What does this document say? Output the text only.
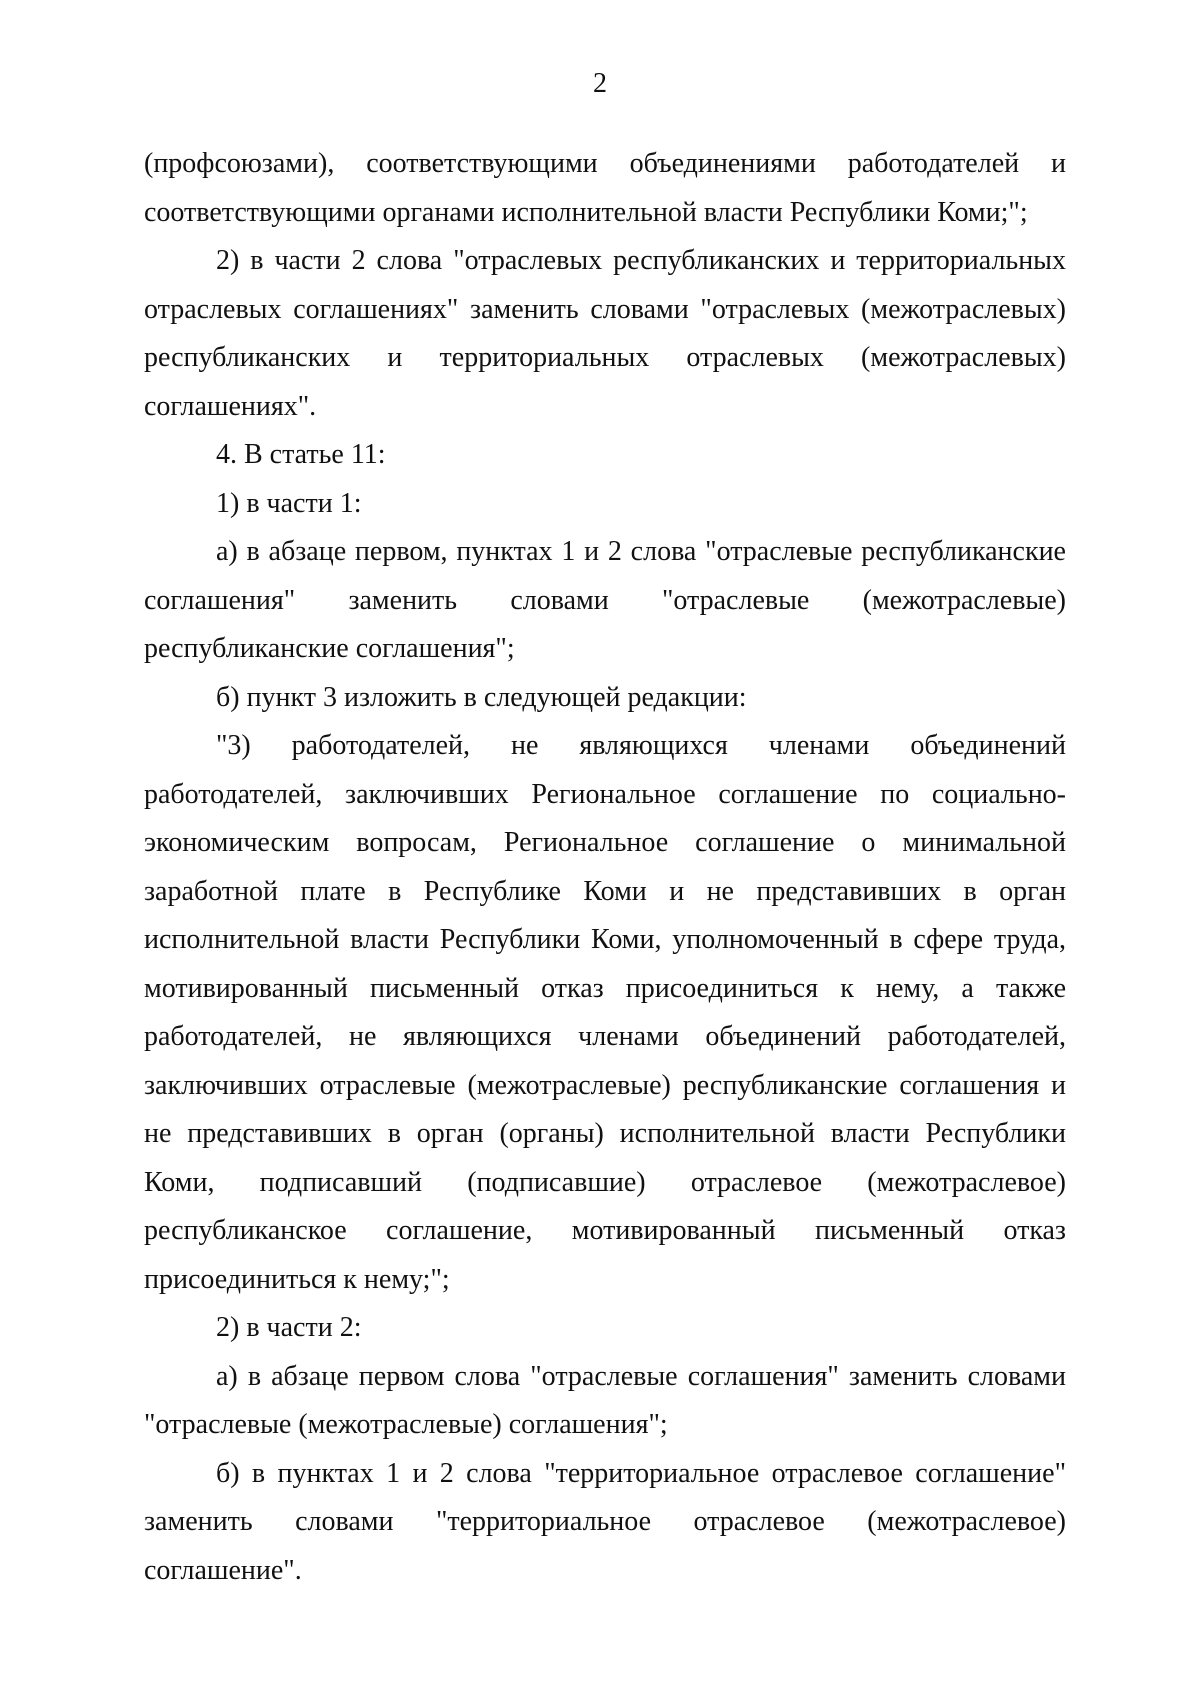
2

(профсоюзами), соответствующими объединениями работодателей и соответствующими органами исполнительной власти Республики Коми;";

2) в части 2 слова "отраслевых республиканских и территориальных отраслевых соглашениях" заменить словами "отраслевых (межотраслевых) республиканских и территориальных отраслевых (межотраслевых) соглашениях".

4. В статье 11:

1) в части 1:

а) в абзаце первом, пунктах 1 и 2 слова "отраслевые республиканские соглашения" заменить словами "отраслевые (межотраслевые) республиканские соглашения";

б) пункт 3 изложить в следующей редакции:

"3) работодателей, не являющихся членами объединений работодателей, заключивших Региональное соглашение по социально-экономическим вопросам, Региональное соглашение о минимальной заработной плате в Республике Коми и не представивших в орган исполнительной власти Республики Коми, уполномоченный в сфере труда, мотивированный письменный отказ присоединиться к нему, а также работодателей, не являющихся членами объединений работодателей, заключивших отраслевые (межотраслевые) республиканские соглашения и не представивших в орган (органы) исполнительной власти Республики Коми, подписавший (подписавшие) отраслевое (межотраслевое) республиканское соглашение, мотивированный письменный отказ присоединиться к нему;";

2) в части 2:

а) в абзаце первом слова "отраслевые соглашения" заменить словами "отраслевые (межотраслевые) соглашения";

б) в пунктах 1 и 2 слова "территориальное отраслевое соглашение" заменить словами "территориальное отраслевое (межотраслевое) соглашение".
